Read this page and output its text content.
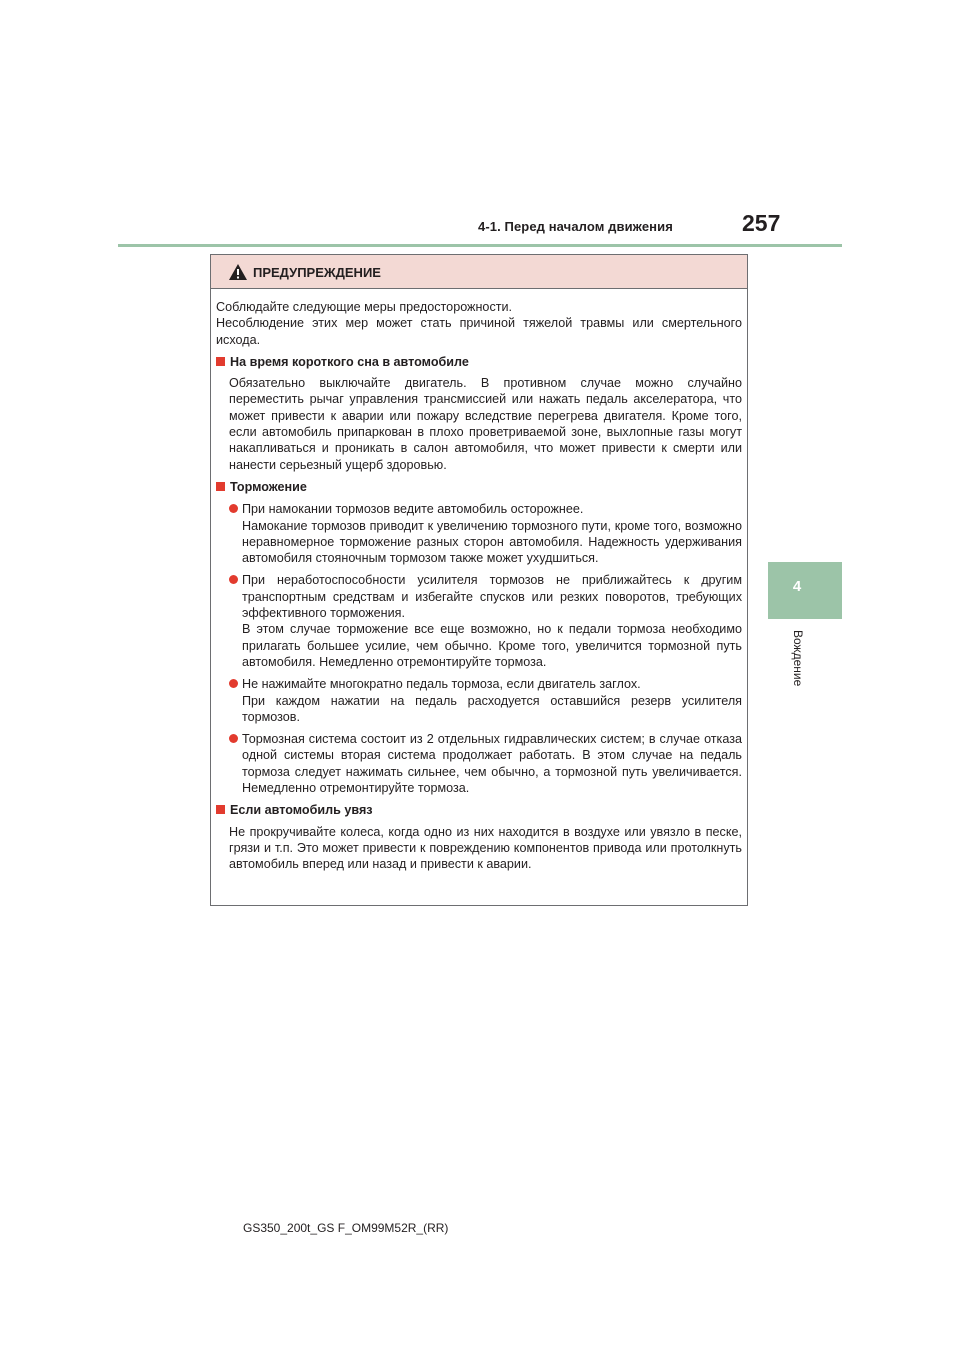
4-1. Перед началом движения	257
4
Вождение
ПРЕДУПРЕЖДЕНИЕ

Соблюдайте следующие меры предосторожности.

Несоблюдение этих мер может стать причиной тяжелой травмы или смертельного исхода.

На время короткого сна в автомобиле

Обязательно выключайте двигатель. В противном случае можно случайно переместить рычаг управления трансмиссией или нажать педаль акселератора, что может привести к аварии или пожару вследствие перегрева двигателя. Кроме того, если автомобиль припаркован в плохо проветриваемой зоне, выхлопные газы могут накапливаться и проникать в салон автомобиля, что может привести к смерти или нанести серьезный ущерб здоровью.

Торможение

При намокании тормозов ведите автомобиль осторожнее.

Намокание тормозов приводит к увеличению тормозного пути, кроме того, возможно неравномерное торможение разных сторон автомобиля. Надежность удерживания автомобиля стояночным тормозом также может ухудшиться.

При неработоспособности усилителя тормозов не приближайтесь к другим транспортным средствам и избегайте спусков или резких поворотов, требующих эффективного торможения.

В этом случае торможение все еще возможно, но к педали тормоза необходимо прилагать большее усилие, чем обычно. Кроме того, увеличится тормозной путь автомобиля. Немедленно отремонтируйте тормоза.

Не нажимайте многократно педаль тормоза, если двигатель заглох.

При каждом нажатии на педаль расходуется оставшийся резерв усилителя тормозов.

Тормозная система состоит из 2 отдельных гидравлических систем; в случае отказа одной системы вторая система продолжает работать. В этом случае на педаль тормоза следует нажимать сильнее, чем обычно, а тормозной путь увеличивается. Немедленно отремонтируйте тормоза.

Если автомобиль увяз

Не прокручивайте колеса, когда одно из них находится в воздухе или увязло в песке, грязи и т.п. Это может привести к повреждению компонентов привода или протолкнуть автомобиль вперед или назад и привести к аварии.

GS350_200t_GS F_OM99M52R_(RR)
